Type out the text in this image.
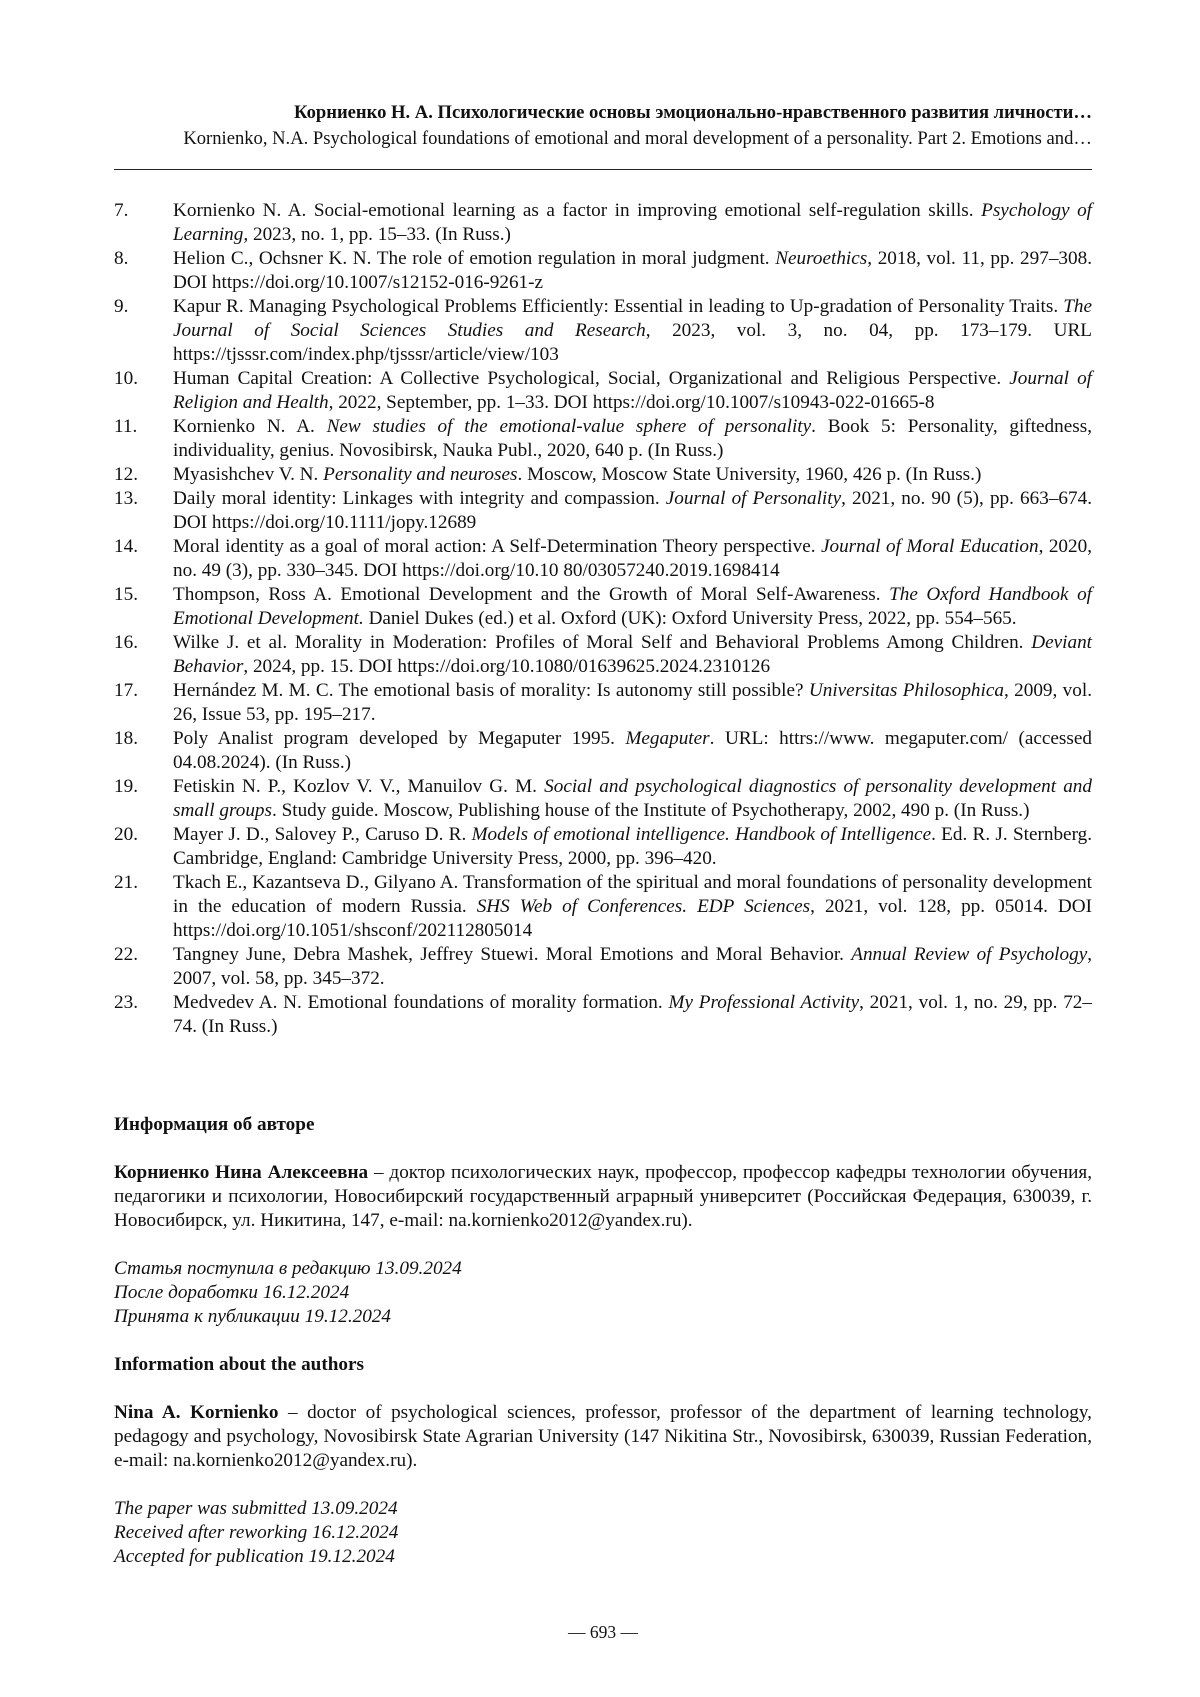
Корниенко Н. А. Психологические основы эмоционально-нравственного развития личности…
Kornienko, N.A. Psychological foundations of emotional and moral development of a personality. Part 2. Emotions and…
7. Kornienko N. A. Social-emotional learning as a factor in improving emotional self-regulation skills. Psychology of Learning, 2023, no. 1, pp. 15–33. (In Russ.)
8. Helion C., Ochsner K. N. The role of emotion regulation in moral judgment. Neuroethics, 2018, vol. 11, pp. 297–308. DOI https://doi.org/10.1007/s12152-016-9261-z
9. Kapur R. Managing Psychological Problems Efficiently: Essential in leading to Up-gradation of Personality Traits. The Journal of Social Sciences Studies and Research, 2023, vol. 3, no. 04, pp. 173–179. URL https://tjsssr.com/index.php/tjsssr/article/view/103
10. Human Capital Creation: A Collective Psychological, Social, Organizational and Religious Perspective. Journal of Religion and Health, 2022, September, pp. 1–33. DOI https://doi.org/10.1007/s10943-022-01665-8
11. Kornienko N. A. New studies of the emotional-value sphere of personality. Book 5: Personality, giftedness, individuality, genius. Novosibirsk, Nauka Publ., 2020, 640 p. (In Russ.)
12. Myasishchev V. N. Personality and neuroses. Moscow, Moscow State University, 1960, 426 p. (In Russ.)
13. Daily moral identity: Linkages with integrity and compassion. Journal of Personality, 2021, no. 90 (5), pp. 663–674. DOI https://doi.org/10.1111/jopy.12689
14. Moral identity as a goal of moral action: A Self-Determination Theory perspective. Journal of Moral Education, 2020, no. 49 (3), pp. 330–345. DOI https://doi.org/10.10 80/03057240.2019.1698414
15. Thompson, Ross A. Emotional Development and the Growth of Moral Self-Awareness. The Oxford Handbook of Emotional Development. Daniel Dukes (ed.) et al. Oxford (UK): Oxford University Press, 2022, pp. 554–565.
16. Wilke J. et al. Morality in Moderation: Profiles of Moral Self and Behavioral Problems Among Children. Deviant Behavior, 2024, pp. 15. DOI https://doi.org/10.1080/01639625.2024.2310126
17. Hernández M. M. C. The emotional basis of morality: Is autonomy still possible? Universitas Philosophica, 2009, vol. 26, Issue 53, pp. 195–217.
18. Poly Analist program developed by Megaputer 1995. Megaputer. URL: httrs://www. megaputer.com/ (accessed 04.08.2024). (In Russ.)
19. Fetiskin N. P., Kozlov V. V., Manuilov G. M. Social and psychological diagnostics of personality development and small groups. Study guide. Moscow, Publishing house of the Institute of Psychotherapy, 2002, 490 p. (In Russ.)
20. Mayer J. D., Salovey P., Caruso D. R. Models of emotional intelligence. Handbook of Intelligence. Ed. R. J. Sternberg. Cambridge, England: Cambridge University Press, 2000, pp. 396–420.
21. Tkach E., Kazantseva D., Gilyano A. Transformation of the spiritual and moral foundations of personality development in the education of modern Russia. SHS Web of Conferences. EDP Sciences, 2021, vol. 128, pp. 05014. DOI https://doi.org/10.1051/shsconf/202112805014
22. Tangney June, Debra Mashek, Jeffrey Stuewi. Moral Emotions and Moral Behavior. Annual Review of Psychology, 2007, vol. 58, pp. 345–372.
23. Medvedev A. N. Emotional foundations of morality formation. My Professional Activity, 2021, vol. 1, no. 29, pp. 72–74. (In Russ.)

Информация об авторе

Корниенко Нина Алексеевна – доктор психологических наук, профессор, профессор кафедры технологии обучения, педагогики и психологии, Новосибирский государственный аграрный университет (Российская Федерация, 630039, г. Новосибирск, ул. Никитина, 147, e-mail: na.kornienko2012@yandex.ru).

Статья поступила в редакцию 13.09.2024

После доработки 16.12.2024

Принята к публикации 19.12.2024

Information about the authors

Nina A. Kornienko – doctor of psychological sciences, professor, professor of the department of learning technology, pedagogy and psychology, Novosibirsk State Agrarian University (147 Nikitina Str., Novosibirsk, 630039, Russian Federation, e-mail: na.kornienko2012@yandex.ru).

The paper was submitted 13.09.2024

Received after reworking 16.12.2024

Accepted for publication 19.12.2024

— 693 —
